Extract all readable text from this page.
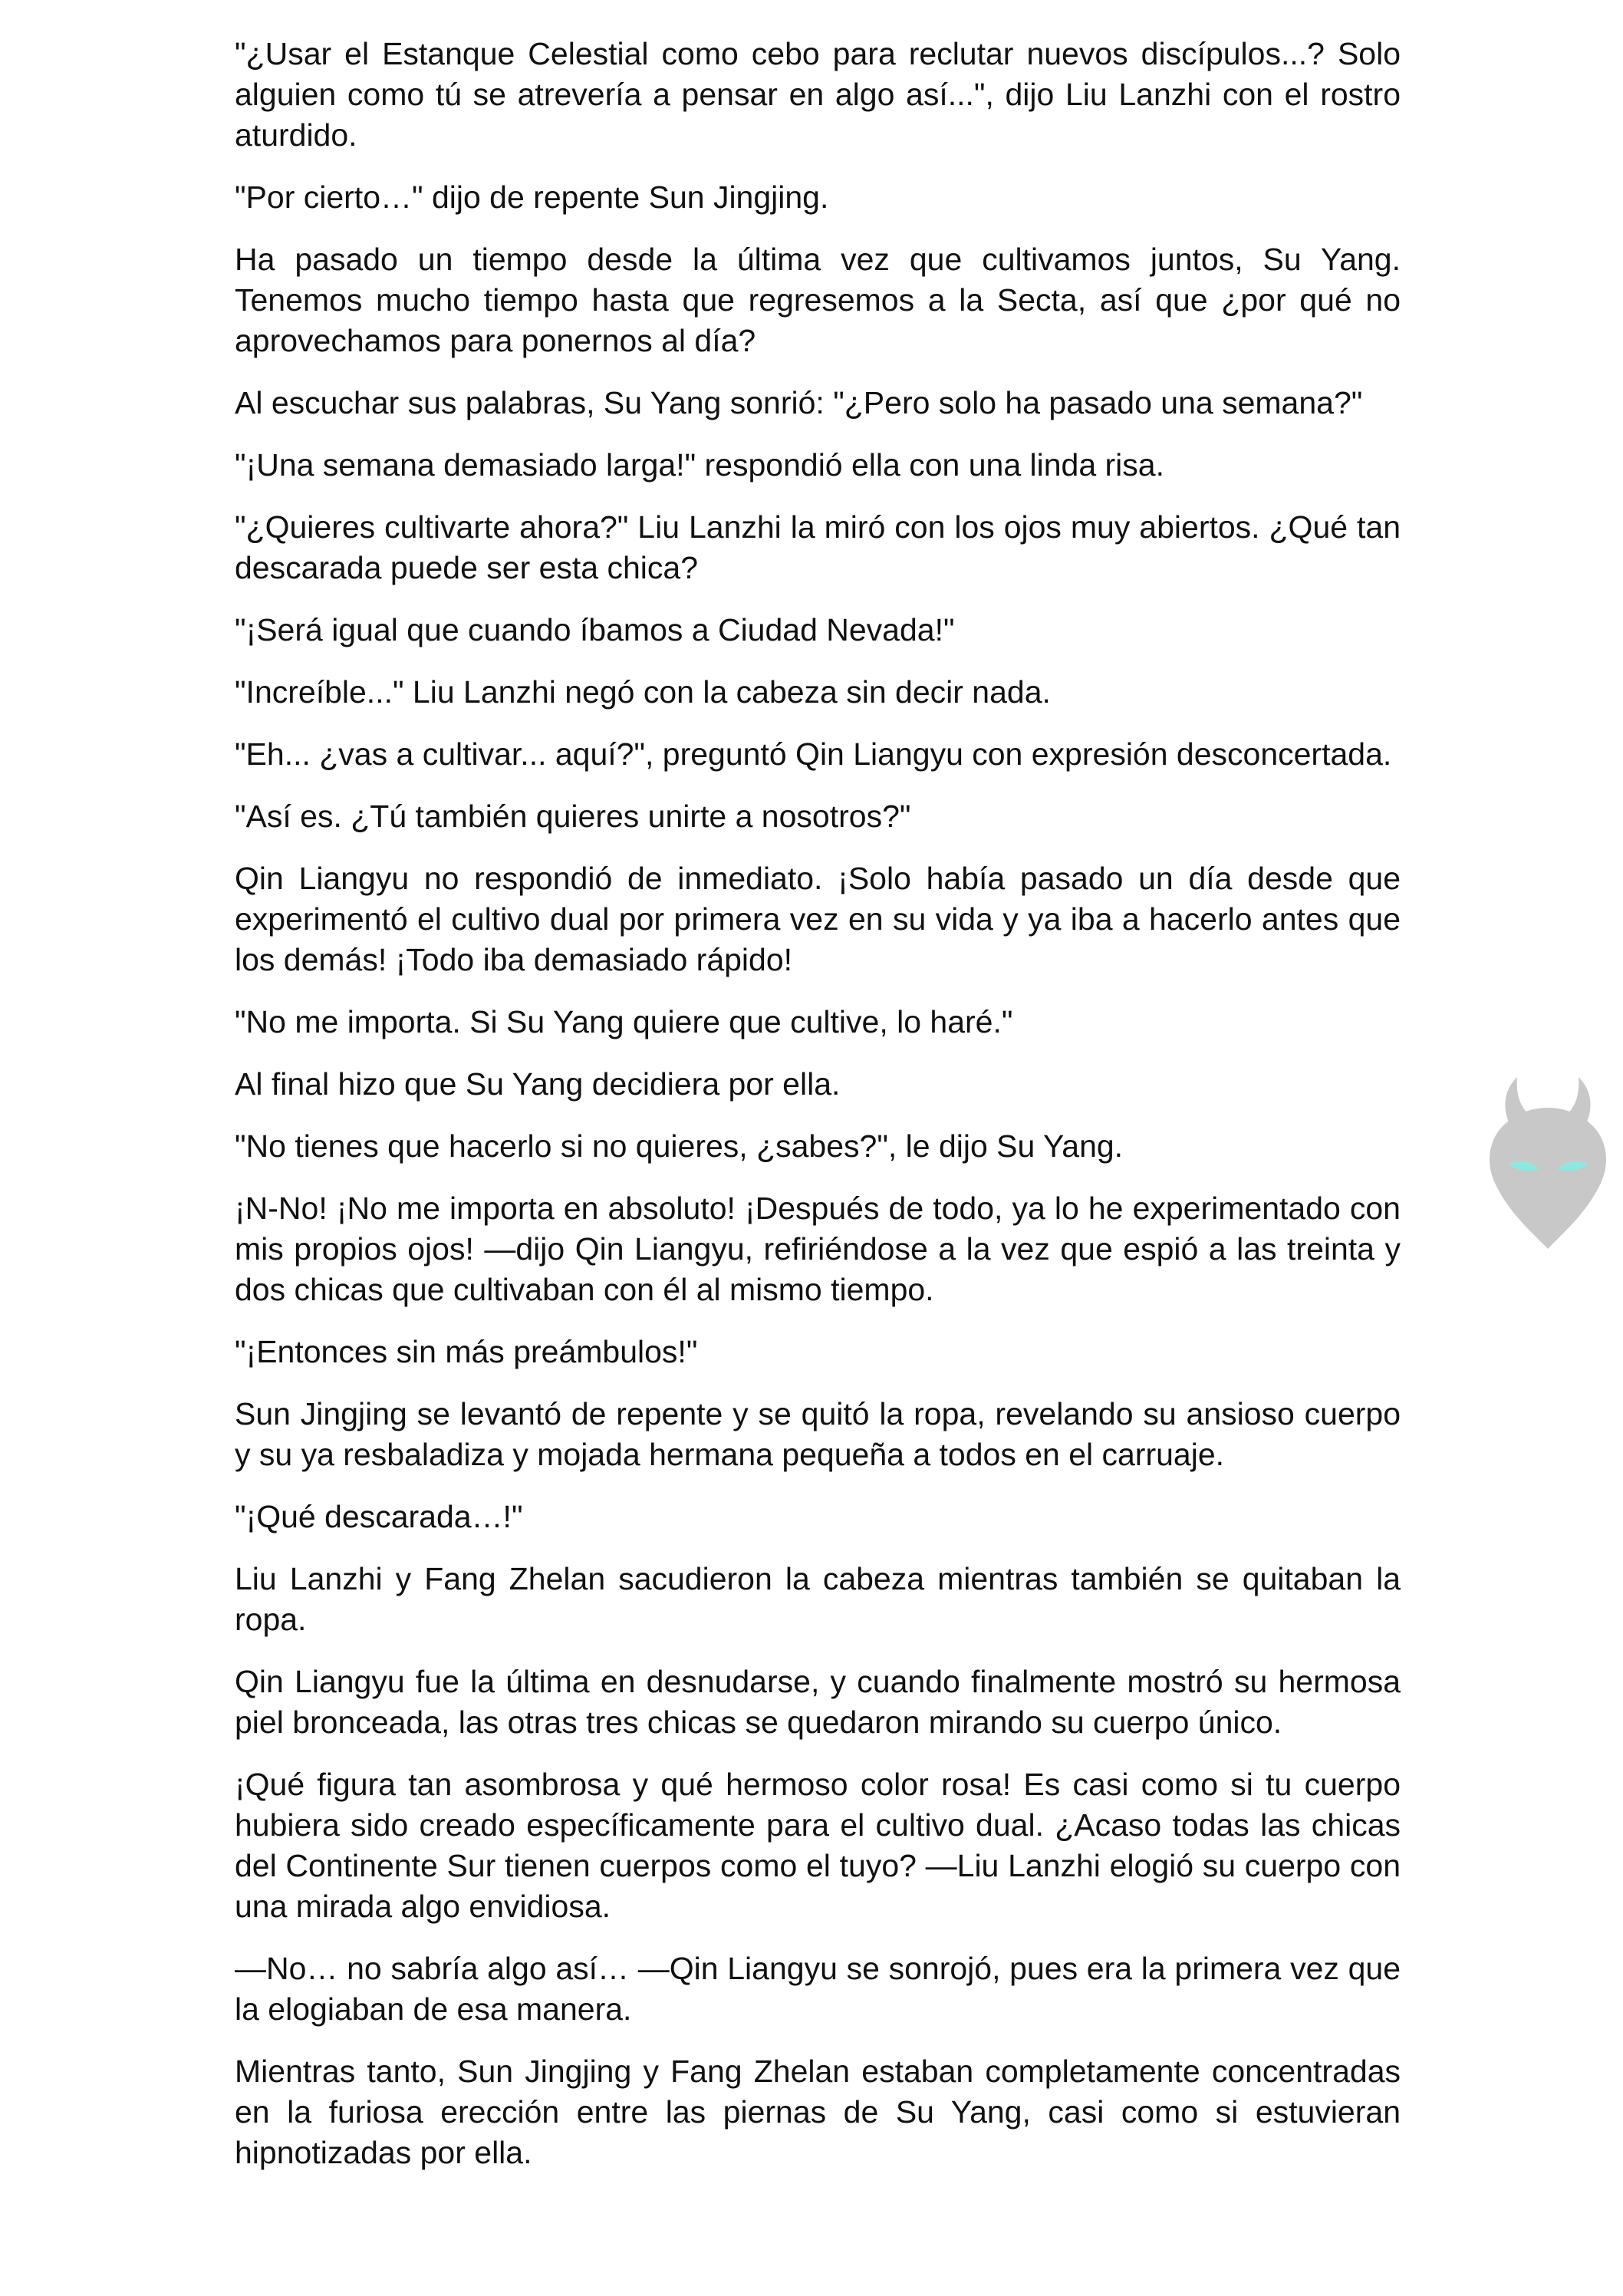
"¿Usar el Estanque Celestial como cebo para reclutar nuevos discípulos...? Solo alguien como tú se atrevería a pensar en algo así...", dijo Liu Lanzhi con el rostro aturdido.

"Por cierto…" dijo de repente Sun Jingjing.

Ha pasado un tiempo desde la última vez que cultivamos juntos, Su Yang. Tenemos mucho tiempo hasta que regresemos a la Secta, así que ¿por qué no aprovechamos para ponernos al día?

Al escuchar sus palabras, Su Yang sonrió: "¿Pero solo ha pasado una semana?"

"¡Una semana demasiado larga!" respondió ella con una linda risa.

"¿Quieres cultivarte ahora?" Liu Lanzhi la miró con los ojos muy abiertos. ¿Qué tan descarada puede ser esta chica?

"¡Será igual que cuando íbamos a Ciudad Nevada!"

"Increíble..." Liu Lanzhi negó con la cabeza sin decir nada.

"Eh... ¿vas a cultivar... aquí?", preguntó Qin Liangyu con expresión desconcertada.

"Así es. ¿Tú también quieres unirte a nosotros?"

Qin Liangyu no respondió de inmediato. ¡Solo había pasado un día desde que experimentó el cultivo dual por primera vez en su vida y ya iba a hacerlo antes que los demás! ¡Todo iba demasiado rápido!

"No me importa. Si Su Yang quiere que cultive, lo haré."

Al final hizo que Su Yang decidiera por ella.

"No tienes que hacerlo si no quieres, ¿sabes?", le dijo Su Yang.

¡N-No! ¡No me importa en absoluto! ¡Después de todo, ya lo he experimentado con mis propios ojos! —dijo Qin Liangyu, refiriéndose a la vez que espió a las treinta y dos chicas que cultivaban con él al mismo tiempo.

"¡Entonces sin más preámbulos!"

Sun Jingjing se levantó de repente y se quitó la ropa, revelando su ansioso cuerpo y su ya resbaladiza y mojada hermana pequeña a todos en el carruaje.

"¡Qué descarada…!"

Liu Lanzhi y Fang Zhelan sacudieron la cabeza mientras también se quitaban la ropa.

Qin Liangyu fue la última en desnudarse, y cuando finalmente mostró su hermosa piel bronceada, las otras tres chicas se quedaron mirando su cuerpo único.

¡Qué figura tan asombrosa y qué hermoso color rosa! Es casi como si tu cuerpo hubiera sido creado específicamente para el cultivo dual. ¿Acaso todas las chicas del Continente Sur tienen cuerpos como el tuyo? —Liu Lanzhi elogió su cuerpo con una mirada algo envidiosa.

—No… no sabría algo así… —Qin Liangyu se sonrojó, pues era la primera vez que la elogiaban de esa manera.

Mientras tanto, Sun Jingjing y Fang Zhelan estaban completamente concentradas en la furiosa erección entre las piernas de Su Yang, casi como si estuvieran hipnotizadas por ella.
